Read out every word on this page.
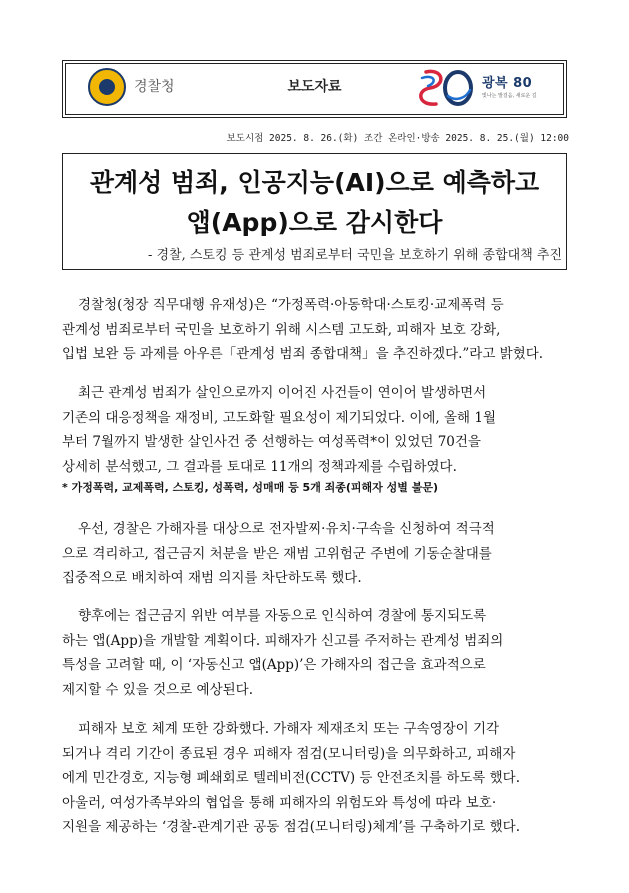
경찰청	보도자료	광복 80
빛나는 발걸음, 새로운 길
보도시점 2025. 8. 26.(화) 조간 온라인·방송 2025. 8. 25.(월) 12:00
관계성 범죄, 인공지능(AI)으로 예측하고
앱(App)으로 감시한다
- 경찰, 스토킹 등 관계성 범죄로부터 국민을 보호하기 위해 종합대책 추진
경찰청(청장 직무대행 유재성)은 “가정폭력·아동학대·스토킹·교제폭력 등
관계성 범죄로부터 국민을 보호하기 위해 시스템 고도화, 피해자 보호 강화,
입법 보완 등 과제를 아우른「관계성 범죄 종합대책」을 추진하겠다.”라고 밝혔다.
최근 관계성 범죄가 살인으로까지 이어진 사건들이 연이어 발생하면서
기존의 대응정책을 재정비, 고도화할 필요성이 제기되었다. 이에, 올해 1월
부터 7월까지 발생한 살인사건 중 선행하는 여성폭력*이 있었던 70건을
상세히 분석했고, 그 결과를 토대로 11개의 정책과제를 수립하였다.
* 가정폭력, 교제폭력, 스토킹, 성폭력, 성매매 등 5개 죄종(피해자 성별 불문)
우선, 경찰은 가해자를 대상으로 전자발찌·유치·구속을 신청하여 적극적
으로 격리하고, 접근금지 처분을 받은 재범 고위험군 주변에 기동순찰대를
집중적으로 배치하여 재범 의지를 차단하도록 했다.
향후에는 접근금지 위반 여부를 자동으로 인식하여 경찰에 통지되도록
하는 앱(App)을 개발할 계획이다. 피해자가 신고를 주저하는 관계성 범죄의
특성을 고려할 때, 이 ‘자동신고 앱(App)’은 가해자의 접근을 효과적으로
제지할 수 있을 것으로 예상된다.
피해자 보호 체계 또한 강화했다. 가해자 제재조치 또는 구속영장이 기각
되거나 격리 기간이 종료된 경우 피해자 점검(모니터링)을 의무화하고, 피해자
에게 민간경호, 지능형 폐쇄회로 텔레비전(CCTV) 등 안전조치를 하도록 했다.
아울러, 여성가족부와의 협업을 통해 피해자의 위험도와 특성에 따라 보호·
지원을 제공하는 ‘경찰-관계기관 공동 점검(모니터링)체계’를 구축하기로 했다.
